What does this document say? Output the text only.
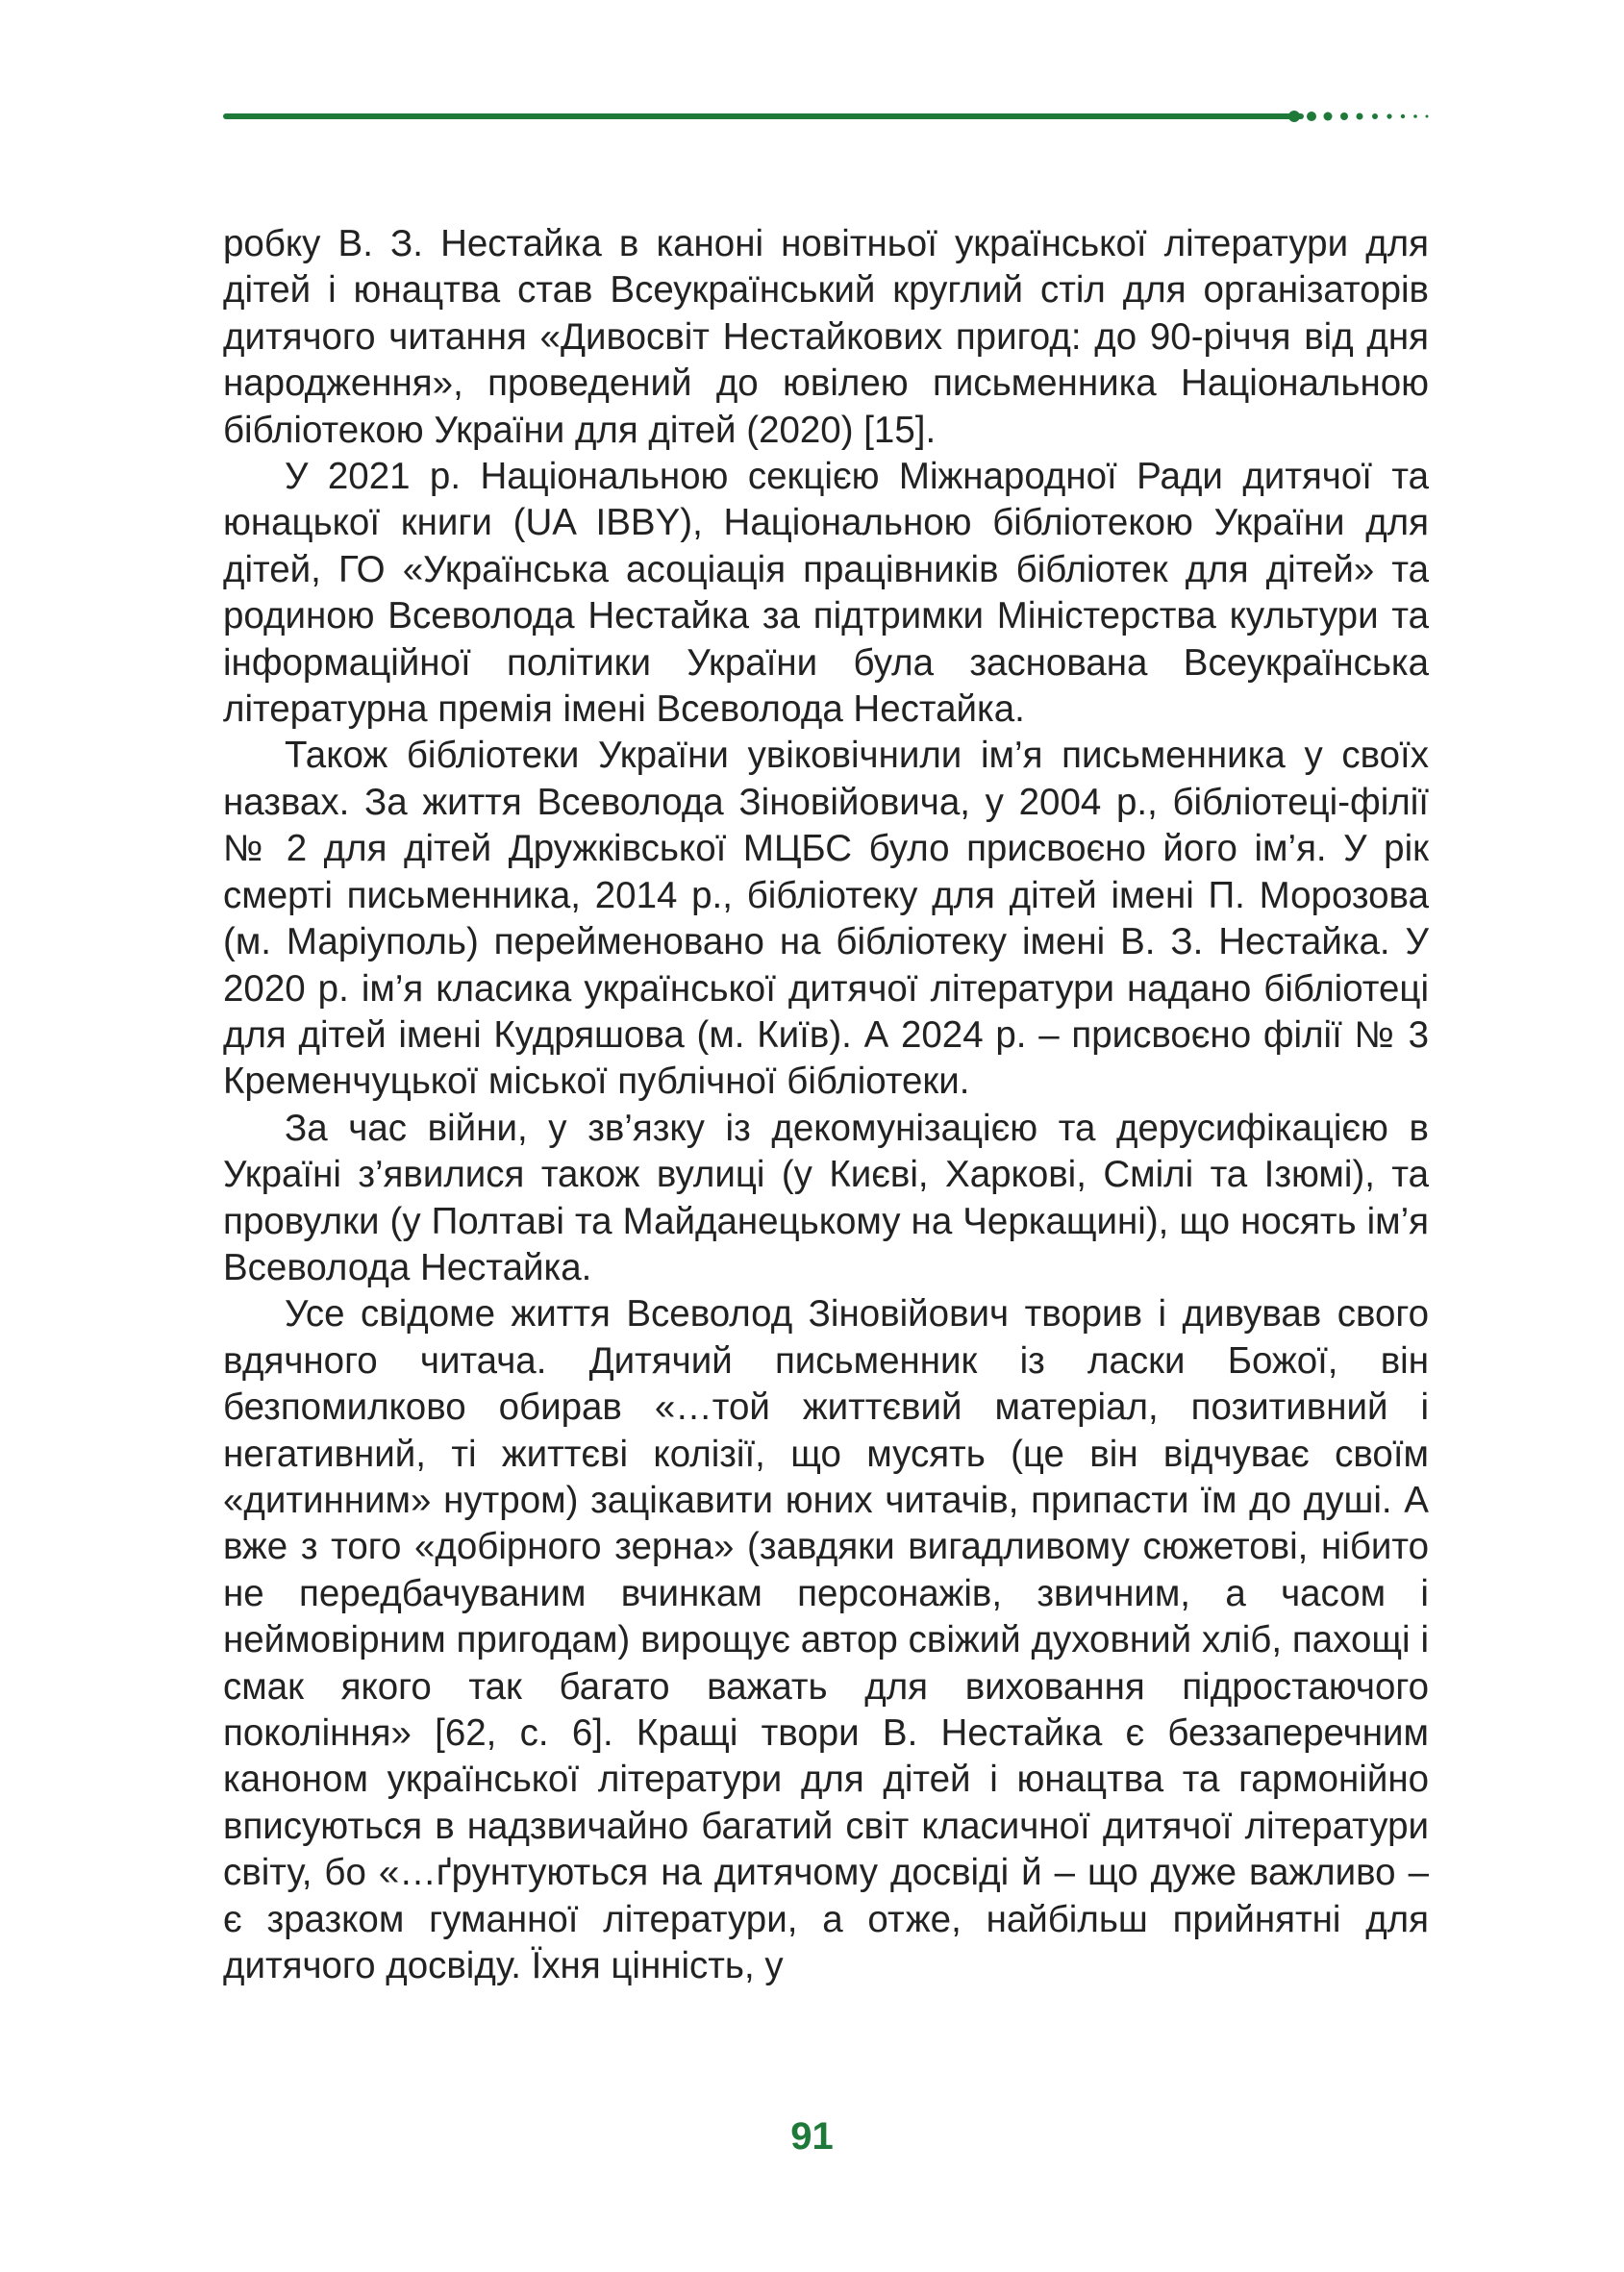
робку В. З. Нестайка в каноні новітньої української літератури для дітей і юнацтва став Всеукраїнський круглий стіл для організаторів дитячого читання «Дивосвіт Нестайкових пригод: до 90-річчя від дня народження», проведений до ювілею письменника Національною бібліотекою України для дітей (2020) [15].

У 2021 р. Національною секцією Міжнародної Ради дитячої та юнацької книги (UA IBBY), Національною бібліотекою України для дітей, ГО «Українська асоціація працівників бібліотек для дітей» та родиною Всеволода Нестайка за підтримки Міністерства культури та інформаційної політики України була заснована Всеукраїнська літературна премія імені Всеволода Нестайка.

Також бібліотеки України увіковічнили ім’я письменника у своїх назвах. За життя Всеволода Зіновійовича, у 2004 р., бібліотеці-філії № 2 для дітей Дружківської МЦБС було присвоєно його ім’я. У рік смерті письменника, 2014 р., бібліотеку для дітей імені П. Морозова (м. Маріуполь) перейменовано на бібліотеку імені В. З. Нестайка. У 2020 р. ім’я класика української дитячої літератури надано бібліотеці для дітей імені Кудряшова (м. Київ). А 2024 р. – присвоєно філії № 3 Кременчуцької міської публічної бібліотеки.

За час війни, у зв’язку із декомунізацією та дерусифікацією в Україні з’явилися також вулиці (у Києві, Харкові, Смілі та Ізюмі), та провулки (у Полтаві та Майданецькому на Черкащині), що носять ім’я Всеволода Нестайка.

Усе свідоме життя Всеволод Зіновійович творив і дивував свого вдячного читача. Дитячий письменник із ласки Божої, він безпомилково обирав «…той життєвий матеріал, позитивний і негативний, ті життєві колізії, що мусять (це він відчуває своїм «дитинним» нутром) зацікавити юних читачів, припасти їм до душі. А вже з того «добірного зерна» (завдяки вигадливому сюжетові, нібито не передбачуваним вчинкам персонажів, звичним, а часом і неймовірним пригодам) вирощує автор свіжий духовний хліб, пахощі і смак якого так багато важать для виховання підростаючого покоління» [62, с. 6]. Кращі твори В. Нестайка є беззаперечним каноном української літератури для дітей і юнацтва та гармонійно вписуються в надзвичайно багатий світ класичної дитячої літератури світу, бо «…ґрунтуються на дитячому досвіді й – що дуже важливо – є зразком гуманної літератури, а отже, найбільш прийнятні для дитячого досвіду. Їхня цінність, у

91
